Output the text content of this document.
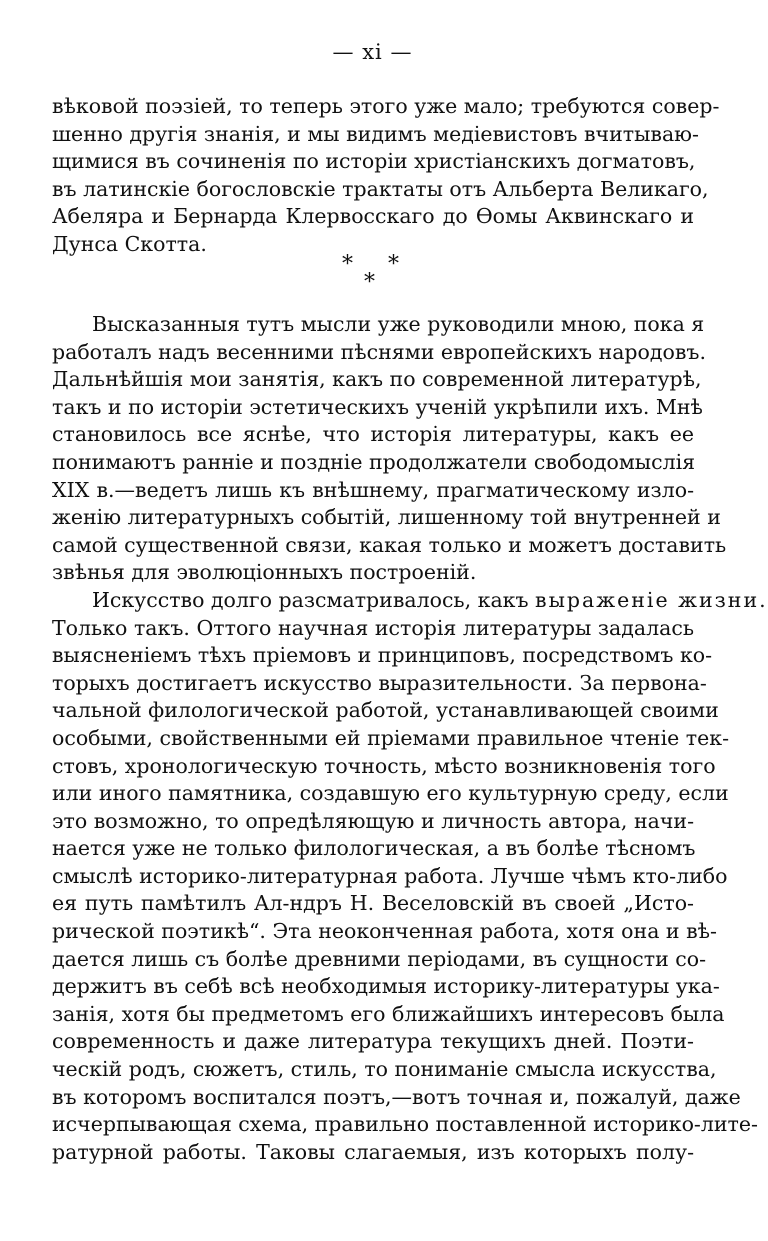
— xi —
вѣковой поэзіей, то теперь этого уже мало; требуются совер-
шенно другія знанія, и мы видимъ медіевистовъ вчитываю-
щимися въ сочиненія по исторіи христіанскихъ догматовъ,
въ латинскіе богословскіе трактаты отъ Альберта Великаго,
Абеляра и Бернарда Клервосскаго до Ѳомы Аквинскаго и
Дунса Скотта.
* *
*
Высказанныя тутъ мысли уже руководили мною, пока я
работалъ надъ весенними пѣснями европейскихъ народовъ.
Дальнѣйшія мои занятія, какъ по современной литературѣ,
такъ и по исторіи эстетическихъ ученій укрѣпили ихъ. Мнѣ
становилось все яснѣе, что исторія литературы, какъ ее
понимаютъ ранніе и поздніе продолжатели свободомыслія
XIX в.—ведетъ лишь къ внѣшнему, прагматическому изло-
женію литературныхъ событій, лишенному той внутренней и
самой существенной связи, какая только и можетъ доставить
звѣнья для эволюціонныхъ построеній.
Искусство долго разсматривалось, какъ выраженіе жизни.
Только такъ. Оттого научная исторія литературы задалась
выясненіемъ тѣхъ пріемовъ и принциповъ, посредствомъ ко-
торыхъ достигаетъ искусство выразительности. За первона-
чальной филологической работой, устанавливающей своими
особыми, свойственными ей пріемами правильное чтеніе тек-
стовъ, хронологическую точность, мѣсто возникновенія того
или иного памятника, создавшую его культурную среду, если
это возможно, то опредѣляющую и личность автора, начи-
нается уже не только филологическая, а въ болѣе тѣсномъ
смыслѣ историко-литературная работа. Лучше чѣмъ кто-либо
ея путь памѣтилъ Ал-ндръ Н. Веселовскій въ своей „Исто-
рической поэтикѣ“. Эта неоконченная работа, хотя она и вѣ-
дается лишь съ болѣе древними періодами, въ сущности со-
держитъ въ себѣ всѣ необходимыя историку-литературы ука-
занія, хотя бы предметомъ его ближайшихъ интересовъ была
современность и даже литература текущихъ дней. Поэти-
ческій родъ, сюжетъ, стиль, то пониманіе смысла искусства,
въ которомъ воспитался поэтъ,—вотъ точная и, пожалуй, даже
исчерпывающая схема, правильно поставленной историко-лите-
ратурной работы. Таковы слагаемыя, изъ которыхъ полу-
